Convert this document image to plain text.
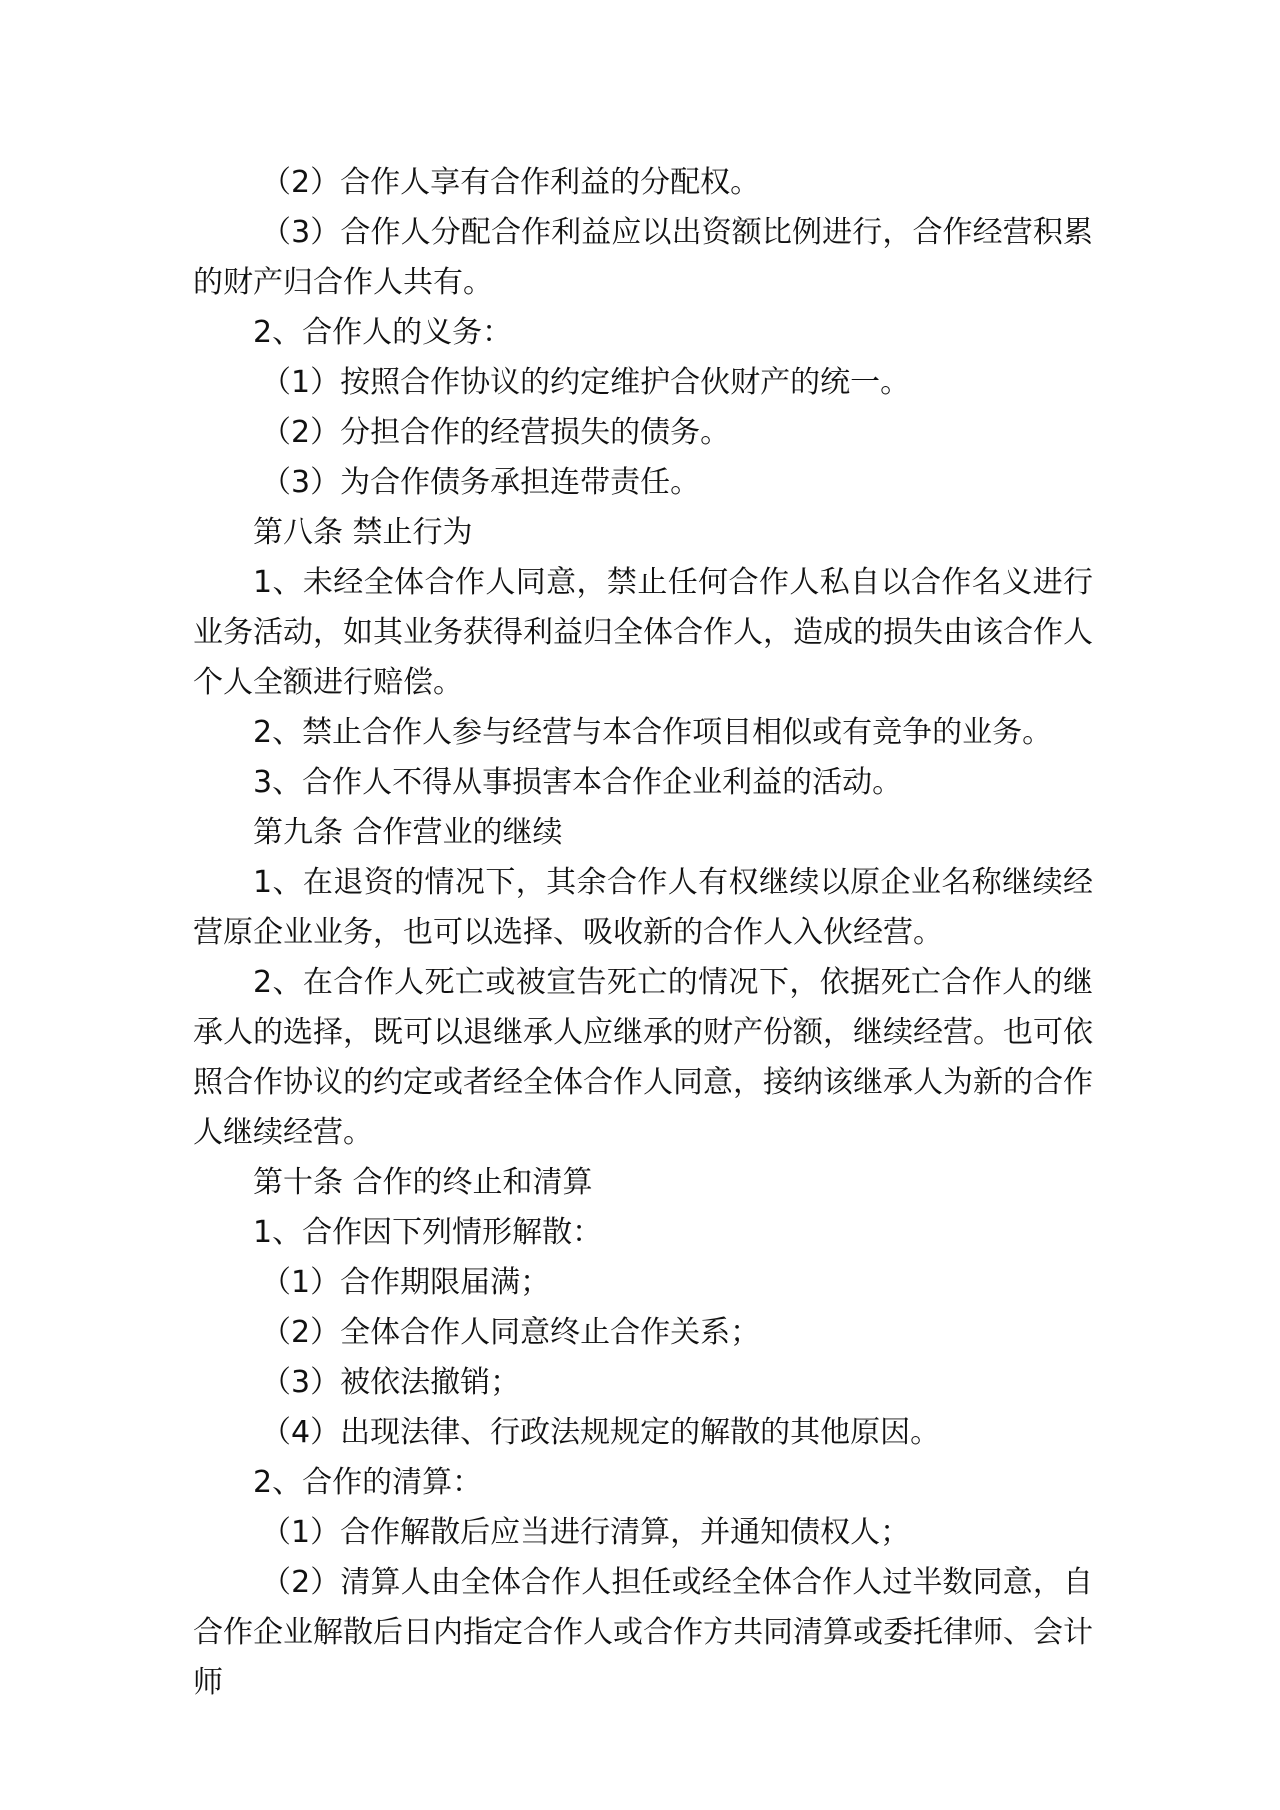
（2）合作人享有合作利益的分配权。

（3）合作人分配合作利益应以出资额比例进行，合作经营积累的财产归合作人共有。

2、合作人的义务：

（1）按照合作协议的约定维护合伙财产的统一。

（2）分担合作的经营损失的债务。

（3）为合作债务承担连带责任。

第八条 禁止行为

1、未经全体合作人同意，禁止任何合作人私自以合作名义进行业务活动，如其业务获得利益归全体合作人，造成的损失由该合作人个人全额进行赔偿。

2、禁止合作人参与经营与本合作项目相似或有竞争的业务。

3、合作人不得从事损害本合作企业利益的活动。

第九条 合作营业的继续

1、在退资的情况下，其余合作人有权继续以原企业名称继续经营原企业业务，也可以选择、吸收新的合作人入伙经营。

2、在合作人死亡或被宣告死亡的情况下，依据死亡合作人的继承人的选择，既可以退继承人应继承的财产份额，继续经营。也可依照合作协议的约定或者经全体合作人同意，接纳该继承人为新的合作人继续经营。

第十条 合作的终止和清算

1、合作因下列情形解散：

（1）合作期限届满；

（2）全体合作人同意终止合作关系；

（3）被依法撤销；

（4）出现法律、行政法规规定的解散的其他原因。

2、合作的清算：

（1）合作解散后应当进行清算，并通知债权人；

（2）清算人由全体合作人担任或经全体合作人过半数同意，自合作企业解散后日内指定合作人或合作方共同清算或委托律师、会计师
